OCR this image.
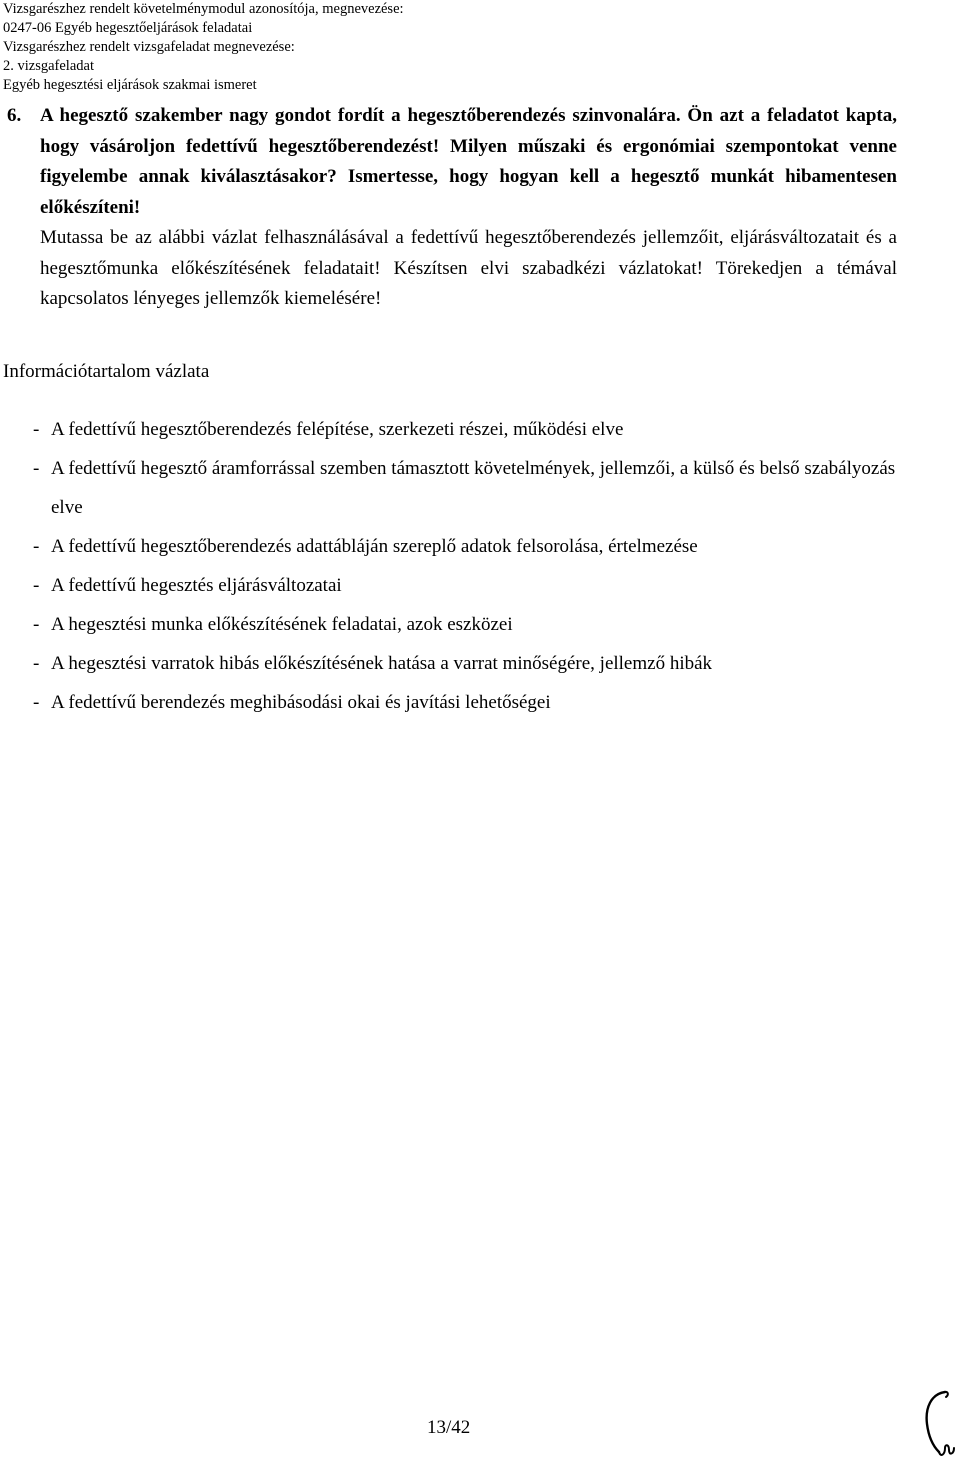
Vizsgarészhez rendelt követelménymodul azonosítója, megnevezése:
0247-06 Egyéb hegesztőeljárások feladatai
Vizsgarészhez rendelt vizsgafeladat megnevezése:
2. vizsgafeladat
Egyéb hegesztési eljárások szakmai ismeret
6. A hegesztő szakember nagy gondot fordít a hegesztőberendezés szinvonalára. Ön azt a feladatot kapta, hogy vásároljon fedettívű hegesztőberendezést! Milyen műszaki és ergonómiai szempontokat venne figyelembe annak kiválasztásakor? Ismertesse, hogy hogyan kell a hegesztő munkát hibamentesen előkészíteni!
Mutassa be az alábbi vázlat felhasználásával a fedettívű hegesztőberendezés jellemzőit, eljárásváltozatait és a hegesztőmunka előkészítésének feladatait! Készítsen elvi szabadkézi vázlatokat! Törekedjen a témával kapcsolatos lényeges jellemzők kiemelésére!
Információtartalom vázlata
- A fedettívű hegesztőberendezés felépítése, szerkezeti részei, működési elve
- A fedettívű hegesztő áramforrással szemben támasztott követelmények, jellemzői, a külső és belső szabályozás elve
- A fedettívű hegesztőberendezés adattábláján szereplő adatok felsorolása, értelmezése
- A fedettívű hegesztés eljárásváltozatai
- A hegesztési munka előkészítésének feladatai, azok eszközei
- A hegesztési varratok hibás előkészítésének hatása a varrat minőségére, jellemző hibák
- A fedettívű berendezés meghibásodási okai és javítási lehetőségei
13/42
